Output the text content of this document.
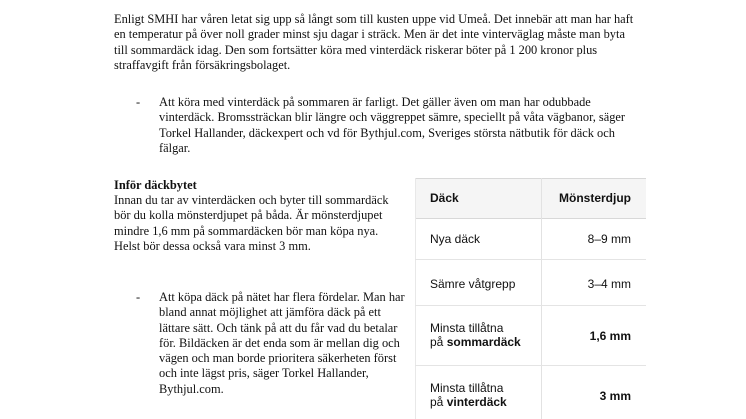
Enligt SMHI har våren letat sig upp så långt som till kusten uppe vid Umeå. Det innebär att man har haft en temperatur på över noll grader minst sju dagar i sträck. Men är det inte vinterväglag måste man byta till sommardäck idag. Den som fortsätter köra med vinterdäck riskerar böter på 1 200 kronor plus straffavgift från försäkringsbolaget.
- Att köra med vinterdäck på sommaren är farligt. Det gäller även om man har odubbade vinterdäck. Bromssträckan blir längre och väggreppet sämre, speciellt på våta vägbanor, säger Torkel Hallander, däckexpert och vd för Bythjul.com, Sveriges största nätbutik för däck och fälgar.
Inför däckbytet
Innan du tar av vinterdäcken och byter till sommardäck bör du kolla mönsterdjupet på båda. Är mönsterdjupet mindre 1,6 mm på sommardäcken bör man köpa nya. Helst bör dessa också vara minst 3 mm.
- Att köpa däck på nätet har flera fördelar. Man har bland annat möjlighet att jämföra däck på ett lättare sätt. Och tänk på att du får vad du betalar för. Bildäcken är det enda som är mellan dig och vägen och man borde prioritera säkerheten först och inte lägst pris, säger Torkel Hallander, Bythjul.com.
Däck	Mönsterdjup
Nya däck	8–9 mm
Sämre våtgrepp	3–4 mm
Minsta tillåtna
på sommardäck	1,6 mm
Minsta tillåtna
på vinterdäck	3 mm
